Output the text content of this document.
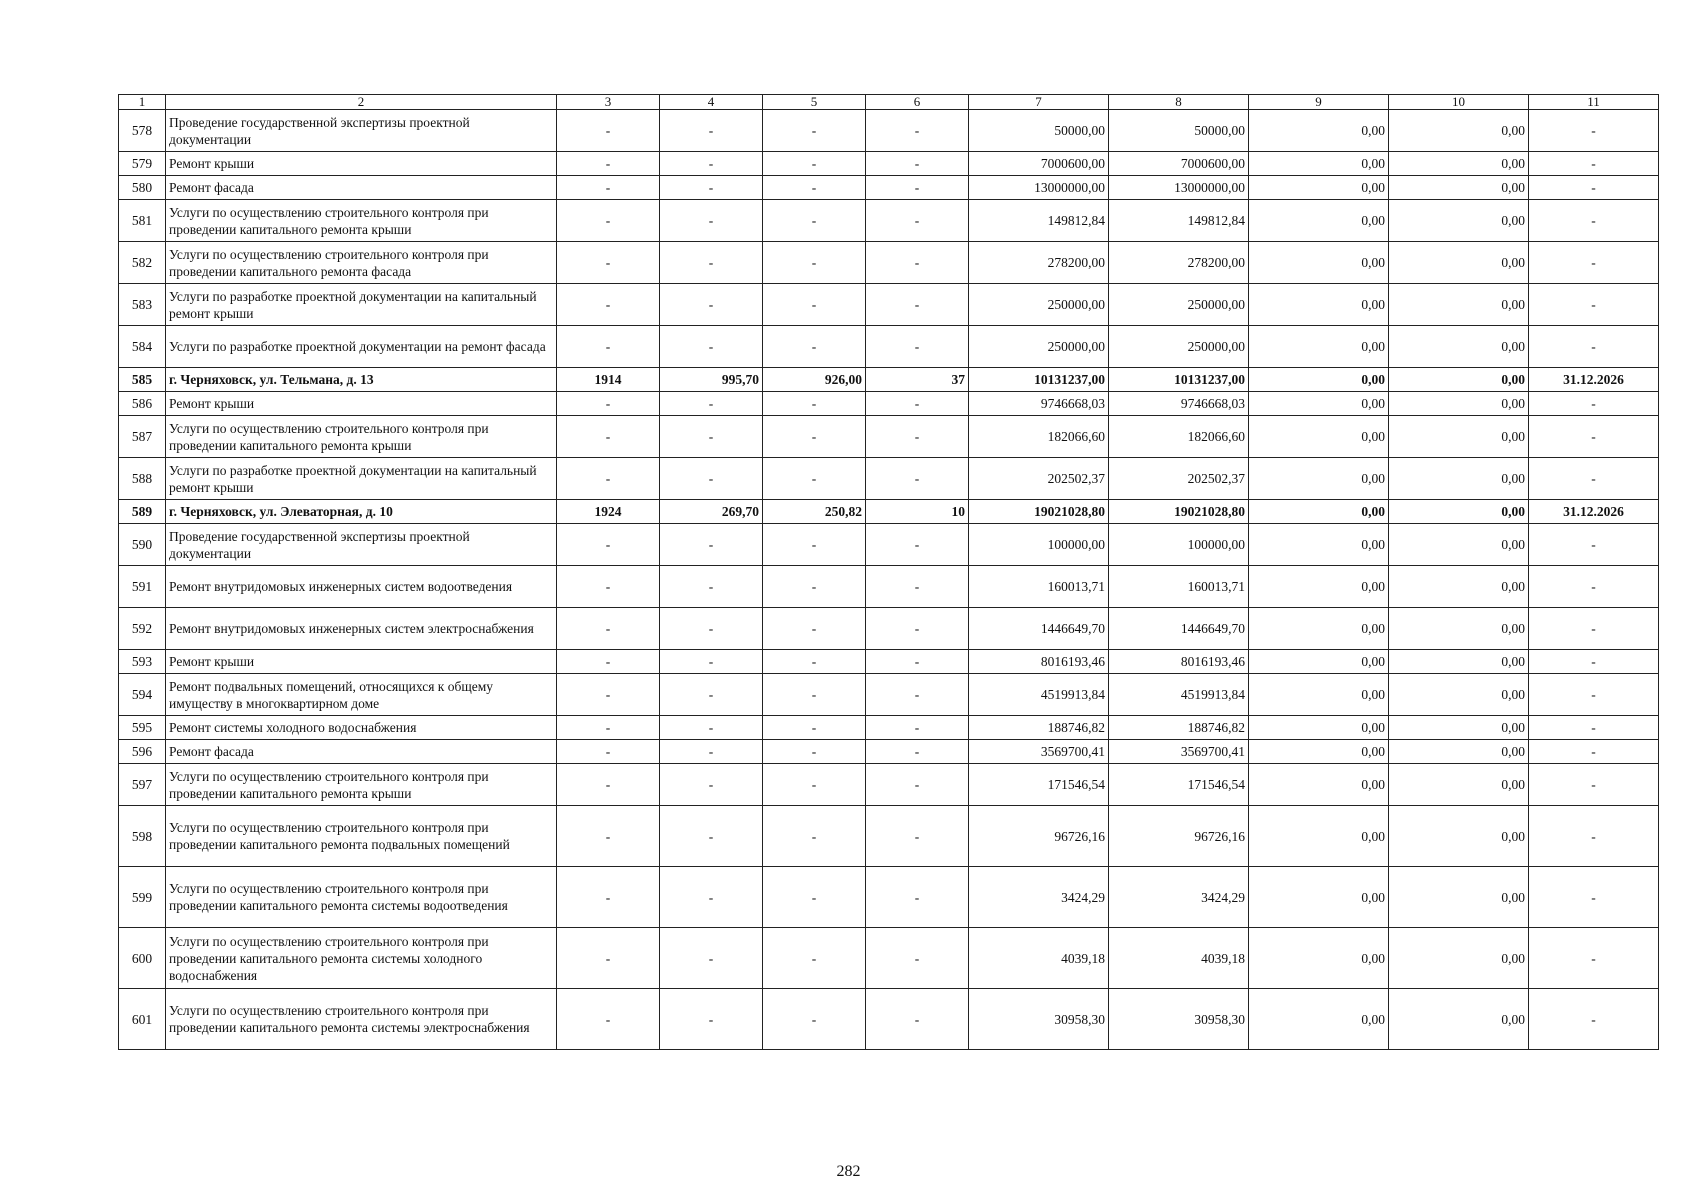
1	2	3	4	5	6	7	8	9	10	11
578	Проведение государственной экспертизы проектной документации	-	-	-	-	50000,00	50000,00	0,00	0,00	-
579	Ремонт крыши	-	-	-	-	7000600,00	7000600,00	0,00	0,00	-
580	Ремонт фасада	-	-	-	-	13000000,00	13000000,00	0,00	0,00	-
581	Услуги по осуществлению строительного контроля при проведении капитального ремонта крыши	-	-	-	-	149812,84	149812,84	0,00	0,00	-
582	Услуги по осуществлению строительного контроля при проведении капитального ремонта фасада	-	-	-	-	278200,00	278200,00	0,00	0,00	-
583	Услуги по разработке проектной документации на капитальный ремонт крыши	-	-	-	-	250000,00	250000,00	0,00	0,00	-
584	Услуги по разработке проектной документации на ремонт фасада	-	-	-	-	250000,00	250000,00	0,00	0,00	-
585	г. Черняховск, ул. Тельмана, д. 13	1914	995,70	926,00	37	10131237,00	10131237,00	0,00	0,00	31.12.2026
586	Ремонт крыши	-	-	-	-	9746668,03	9746668,03	0,00	0,00	-
587	Услуги по осуществлению строительного контроля при проведении капитального ремонта крыши	-	-	-	-	182066,60	182066,60	0,00	0,00	-
588	Услуги по разработке проектной документации на капитальный ремонт крыши	-	-	-	-	202502,37	202502,37	0,00	0,00	-
589	г. Черняховск, ул. Элеваторная, д. 10	1924	269,70	250,82	10	19021028,80	19021028,80	0,00	0,00	31.12.2026
590	Проведение государственной экспертизы проектной документации	-	-	-	-	100000,00	100000,00	0,00	0,00	-
591	Ремонт внутридомовых инженерных систем водоотведения	-	-	-	-	160013,71	160013,71	0,00	0,00	-
592	Ремонт внутридомовых инженерных систем электроснабжения	-	-	-	-	1446649,70	1446649,70	0,00	0,00	-
593	Ремонт крыши	-	-	-	-	8016193,46	8016193,46	0,00	0,00	-
594	Ремонт подвальных помещений, относящихся к общему имуществу в многоквартирном доме	-	-	-	-	4519913,84	4519913,84	0,00	0,00	-
595	Ремонт системы холодного водоснабжения	-	-	-	-	188746,82	188746,82	0,00	0,00	-
596	Ремонт фасада	-	-	-	-	3569700,41	3569700,41	0,00	0,00	-
597	Услуги по осуществлению строительного контроля при проведении капитального ремонта крыши	-	-	-	-	171546,54	171546,54	0,00	0,00	-
598	Услуги по осуществлению строительного контроля при проведении капитального ремонта подвальных помещений	-	-	-	-	96726,16	96726,16	0,00	0,00	-
599	Услуги по осуществлению строительного контроля при проведении капитального ремонта системы водоотведения	-	-	-	-	3424,29	3424,29	0,00	0,00	-
600	Услуги по осуществлению строительного контроля при проведении капитального ремонта системы холодного водоснабжения	-	-	-	-	4039,18	4039,18	0,00	0,00	-
601	Услуги по осуществлению строительного контроля при проведении капитального ремонта системы электроснабжения	-	-	-	-	30958,30	30958,30	0,00	0,00	-
282
